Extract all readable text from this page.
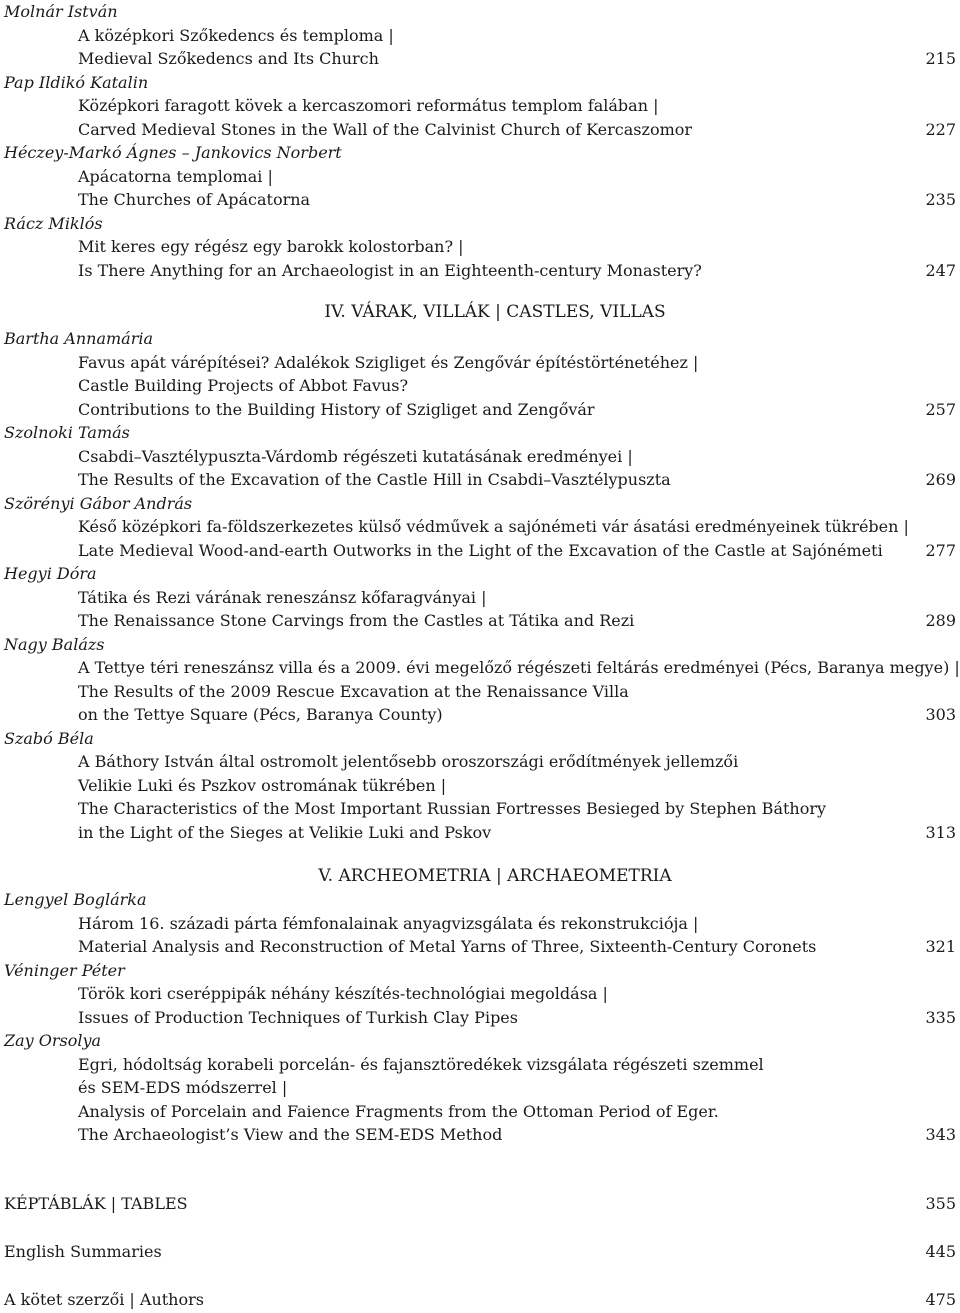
Molnár István
A középkori Szőkedencs és temploma |
Medieval Szőkedencs and Its Church	215
Pap Ildikó Katalin
Középkori faragott kövek a kercaszomori református templom falában |
Carved Medieval Stones in the Wall of the Calvinist Church of Kercaszomor	227
Héczey-Markó Ágnes – Jankovics Norbert
Apácatorna templomai |
The Churches of Apácatorna	235
Rácz Miklós
Mit keres egy régész egy barokk kolostorban? |
Is There Anything for an Archaeologist in an Eighteenth-century Monastery?	247
IV. VÁRAK, VILLÁK | CASTLES, VILLAS
Bartha Annamária
Favus apát várépítései? Adalékok Szigliget és Zengővár építéstörténetéhez |
Castle Building Projects of Abbot Favus?
Contributions to the Building History of Szigliget and Zengővár	257
Szolnoki Tamás
Csabdi–Vasztélypuszta-Várdomb régészeti kutatásának eredményei |
The Results of the Excavation of the Castle Hill in Csabdi–Vasztélypuszta	269
Szörényi Gábor András
Késő középkori fa-földszerkezetes külső védművek a sajónémeti vár ásatási eredményeinek tükrében |
Late Medieval Wood-and-earth Outworks in the Light of the Excavation of the Castle at Sajónémeti	277
Hegyi Dóra
Tátika és Rezi várának reneszánsz kőfaragványai |
The Renaissance Stone Carvings from the Castles at Tátika and Rezi	289
Nagy Balázs
A Tettye téri reneszánsz villa és a 2009. évi megelőző régészeti feltárás eredményei (Pécs, Baranya megye) |
The Results of the 2009 Rescue Excavation at the Renaissance Villa
on the Tettye Square (Pécs, Baranya County)	303
Szabó Béla
A Báthory István által ostromolt jelentősebb oroszországi erődítmények jellemzői
Velikie Luki és Pszkov ostromának tükrében |
The Characteristics of the Most Important Russian Fortresses Besieged by Stephen Báthory
in the Light of the Sieges at Velikie Luki and Pskov	313
V. ARCHEOMETRIA | ARCHAEOMETRIA
Lengyel Boglárka
Három 16. századi párta fémfonalainak anyagvizsgálata és rekonstrukciója |
Material Analysis and Reconstruction of Metal Yarns of Three, Sixteenth-Century Coronets	321
Véninger Péter
Török kori cseréppipák néhány készítés-technológiai megoldása |
Issues of Production Techniques of Turkish Clay Pipes	335
Zay Orsolya
Egri, hódoltság korabeli porcelán- és fajansztöredékek vizsgálata régészeti szemmel
és SEM-EDS módszerrel |
Analysis of Porcelain and Faience Fragments from the Ottoman Period of Eger.
The Archaeologist’s View and the SEM-EDS Method	343
KÉPTÁBLÁK | TABLES	355
English Summaries	445
A kötet szerzői | Authors	475
